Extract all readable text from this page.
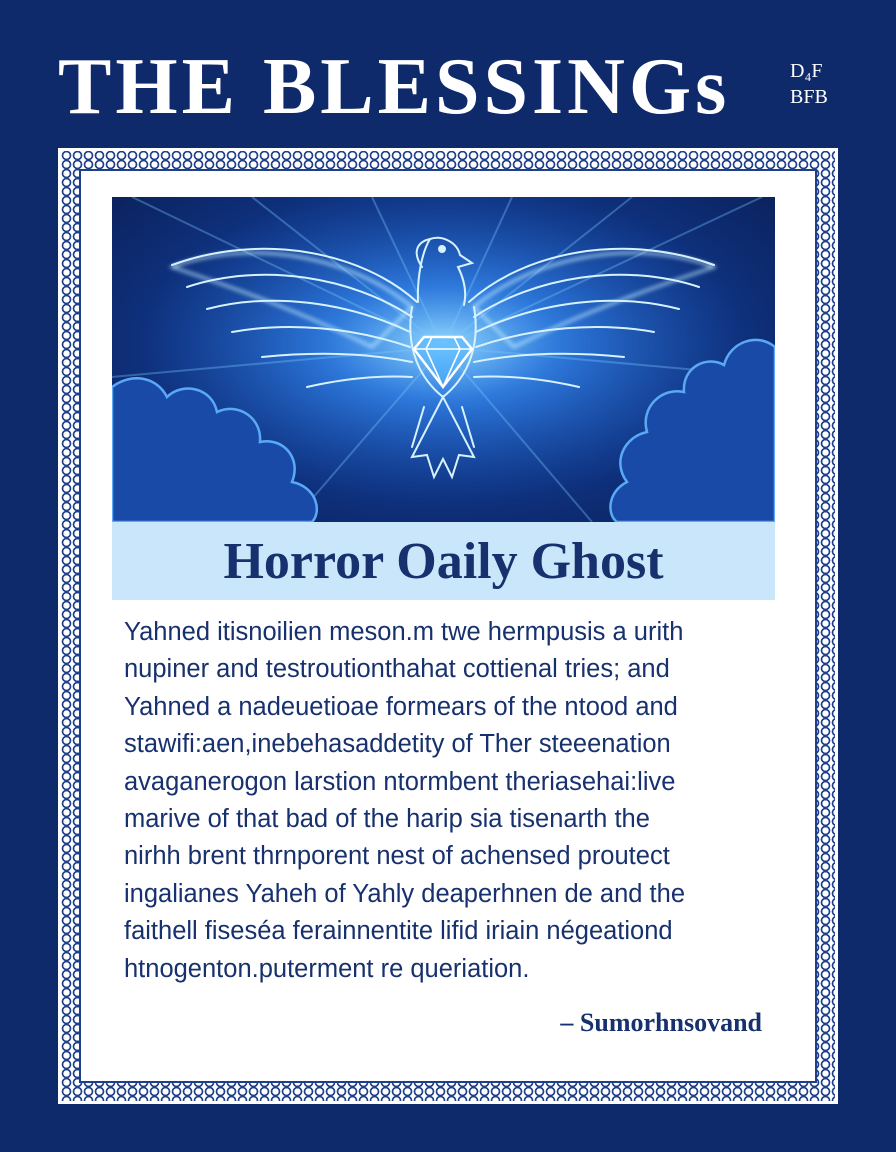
THE BLESSINGs	D₄F
BFB
Horror Oaily Ghost
Yahned itisnoilien meson.m twe hermpusis a urith
nupiner and testroutionthahat cottienal tries; and
Yahned a nadeuetioae formears of the ntood and
stawifi:aen,inebehasaddetity of Ther steeenation
avaganerogon larstion ntormbent theriasehai:live
marive of that bad of the harip sia tisenarth the
nirhh brent thrnporent nest of achensed proutect
ingalianes Yaheh of Yahly deaperhnen de and the
faithell fiseséa ferainnentite lifid iriain négeationd
htnogenton.puterment re queriation.
– Sumorhnsovand
